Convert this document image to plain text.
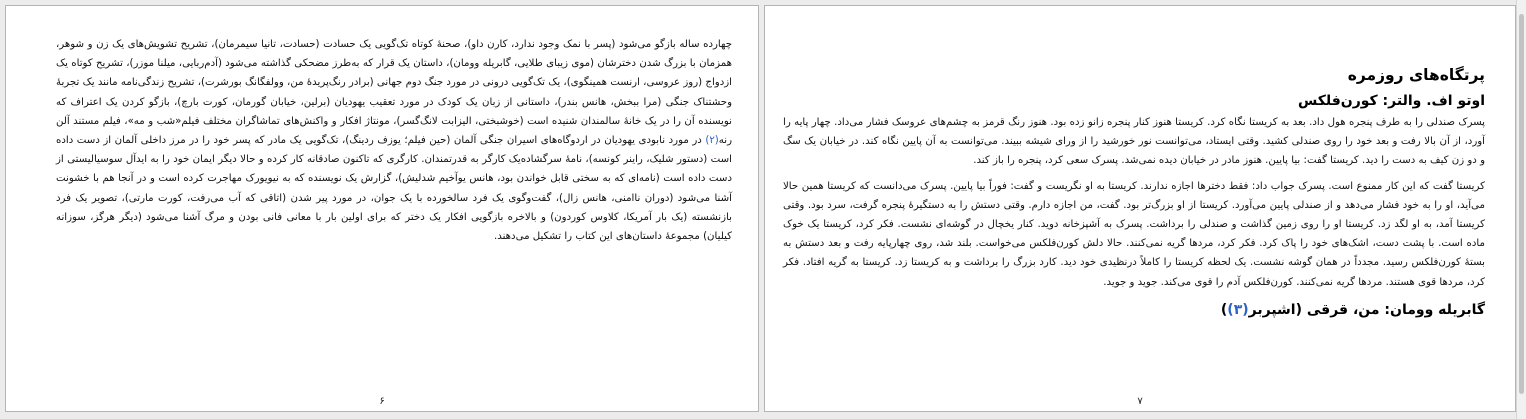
چهارده ساله بازگو می‌شود (پسر با نمک وجود ندارد، کارن داو)، صحنهٔ کوتاه تک‌گویی یک حسادت (حسادت، تانیا سیمرمان)، تشریح تشویش‌های یک زن و شوهر، همزمان با بزرگ شدن دخترشان (موی زیبای طلایی، گابریله وومان)، داستان یک قرار که به‌طرز مضحکی گذاشته می‌شود (آدم‌ربایی، میلنا موزر)، تشریح کوتاه یک ازدواج (روز عروسی، ارنست همینگوی)، یک تک‌گویی درونی در مورد جنگ دوم جهانی (برادر رنگ‌پریدهٔ من، وولفگانگ بورشرت)، تشریح زندگی‌نامه مانند یک تجربهٔ وحشتناک جنگی (مرا ببخش، هانس بندر)، داستانی از زبان یک کودک در مورد تعقیب یهودیان (برلین، خیابان گورمان، کورت بارچ)، بازگو کردن یک اعتراف که نویسنده آن را در یک خانهٔ سالمندان شنیده است (خوشبختی، الیزابت لانگ‌گسر)، مونتاژ افکار و واکنش‌های تماشاگران مختلف فیلم«شب و مه»، فیلم مستند آلن رنه(۲) در مورد نابودی یهودیان در اردوگاه‌های اسیران جنگی آلمان (حین فیلم؛ یوزف ردینگ)، تک‌گویی یک مادر که پسر خود را در مرز داخلی آلمان از دست داده است (دستور شلیک، راینر کونسه)، نامهٔ سرگشاده‌یک کارگر به قدرتمندان. کارگری که تاکنون صادقانه کار کرده و حالا دیگر ایمان خود را به ایدآل سوسیالیستی از دست داده است (نامه‌ای که به سختی قابل خواندن بود، هانس یوآخیم شدلیش)، گزارش یک نویسنده که به نیویورک مهاجرت کرده است و در آنجا هم با خشونت آشنا می‌شود (دوران ناامنی، هانس زال)، گفت‌وگوی یک فرد سالخورده با یک جوان، در مورد پیر شدن (اتاقی که آب می‌رفت، کورت مارتی)، تصویر یک فرد بازنشسته (یک بار آمریکا، کلاوس کوردون) و بالاخره بازگویی افکار یک دختر که برای اولین بار با معانی فانی بودن و مرگ آشنا می‌شود (دیگر هرگز، سوزانه کیلیان) مجموعهٔ داستان‌های این کتاب را تشکیل می‌دهند.

۶
پرتگاه‌های روزمره
اوتو اف. والتر: کورن‌فلکس

پسرک صندلی را به طرف پنجره هول داد. بعد به کریستا نگاه کرد. کریستا هنوز کنار پنجره زانو زده بود. هنوز رنگ قرمز به چشم‌های عروسک فشار می‌داد. چهار پایه را آورد، از آن بالا رفت و بعد خود را روی صندلی کشید. وقتی ایستاد، می‌توانست نور خورشید را از ورای شیشه ببیند. می‌توانست به آن پایین نگاه کند. در خیابان یک سگ و دو زن کیف به دست را دید. کریستا گفت: بیا پایین. هنوز مادر در خیابان دیده نمی‌شد. پسرک سعی کرد، پنجره را باز کند.

کریستا گفت که این کار ممنوع است. پسرک جواب داد: فقط دخترها اجازه ندارند. کریستا به او نگریست و گفت: فوراً بیا پایین. پسرک می‌دانست که کریستا همین حالا می‌آید، او را به خود فشار می‌دهد و از صندلی پایین می‌آورد. کریستا از او بزرگ‌تر بود. گفت، من اجازه دارم. وقتی دستش را به دستگیرهٔ پنجره گرفت، سرد بود. وقتی کریستا آمد، به او لگد زد. کریستا او را روی زمین گذاشت و صندلی را برداشت. پسرک به آشپزخانه دوید. کنار یخچال در گوشه‌ای نشست. فکر کرد، کریستا یک خوک ماده است. با پشت دست، اشک‌های خود را پاک کرد. فکر کرد، مردها گریه نمی‌کنند. حالا دلش کورن‌فلکس می‌خواست. بلند شد، روی چهارپایه رفت و بعد دستش به بستهٔ کورن‌فلکس رسید. مجدداً در همان گوشه نشست. یک لحظه کریستا را کاملاً درنظیدی خود دید. کارد بزرگ را برداشت و به کریستا زد. کریستا به گریه افتاد. فکر کرد، مردها قوی هستند. مردها گریه نمی‌کنند. کورن‌فلکس آدم را قوی می‌کند. جوید و جوید.

گابریله وومان: من، قرقی (اشپربر(۳))
۷
